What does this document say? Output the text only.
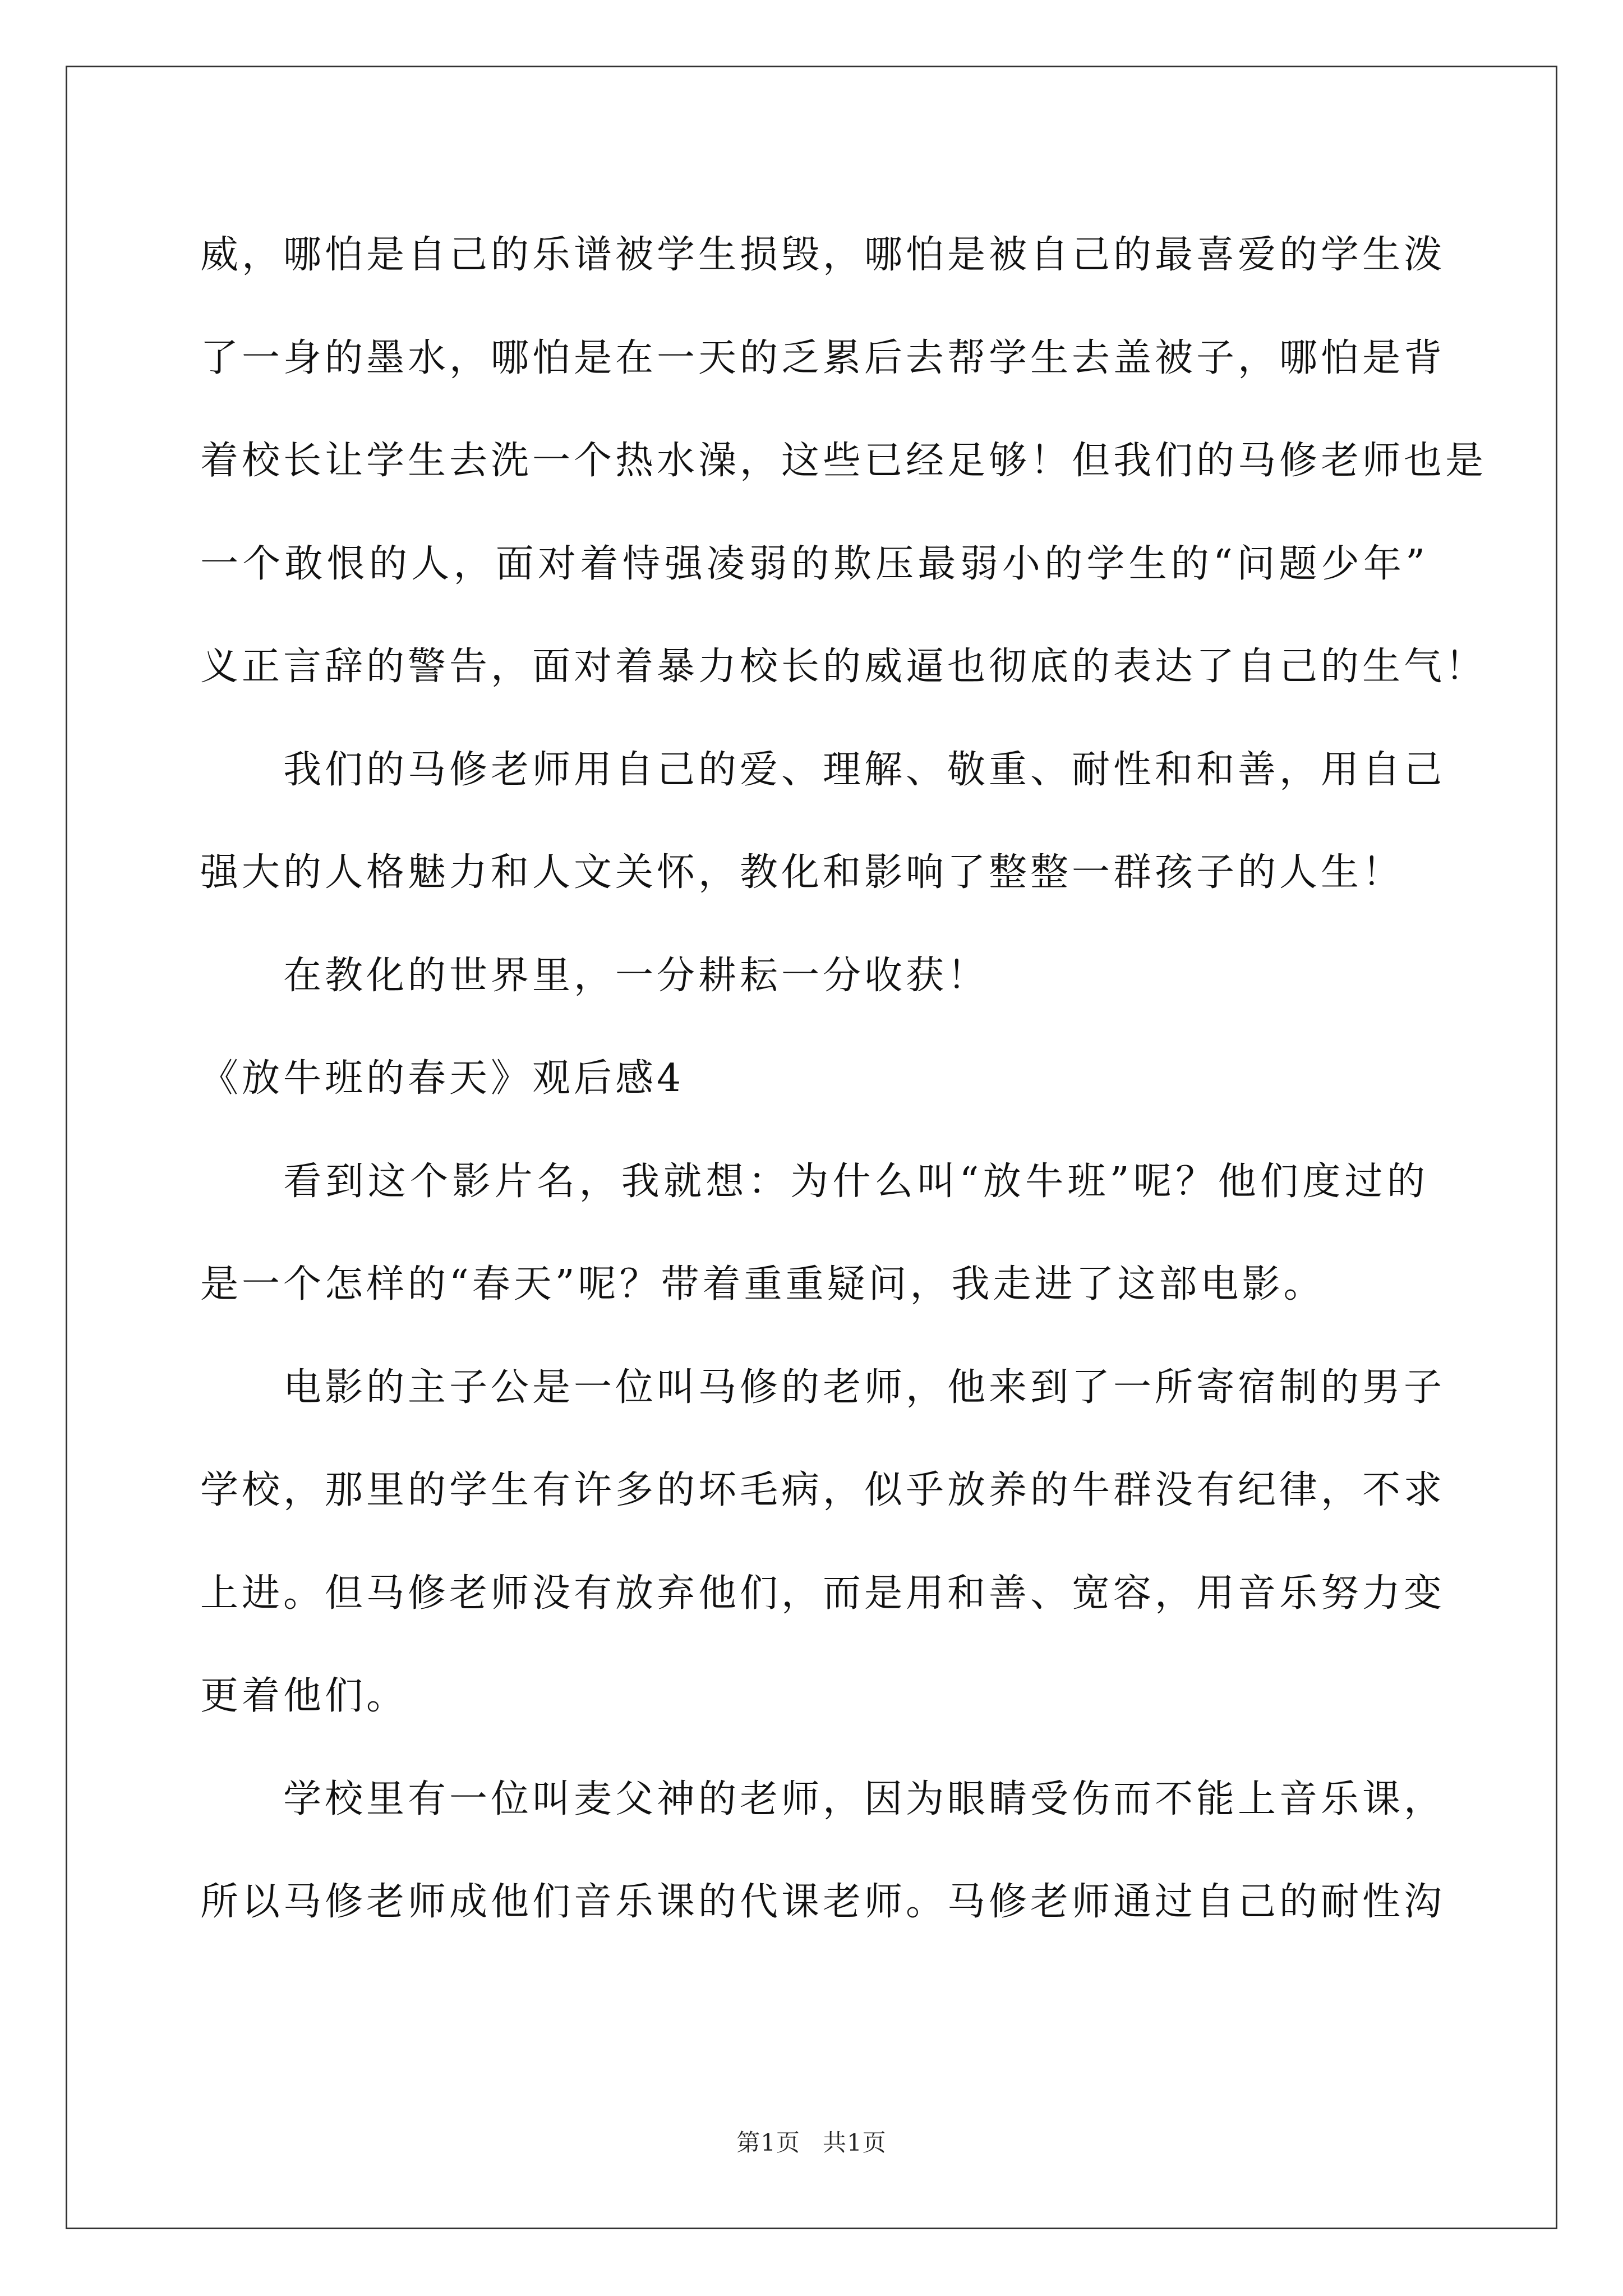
威，哪怕是自己的乐谱被学生损毁，哪怕是被自己的最喜爱的学生泼
了一身的墨水，哪怕是在一天的乏累后去帮学生去盖被子，哪怕是背
着校长让学生去洗一个热水澡，这些已经足够！但我们的马修老师也是
一个敢恨的人，面对着恃强凌弱的欺压最弱小的学生的“问题少年”
义正言辞的警告，面对着暴力校长的威逼也彻底的表达了自己的生气！
我们的马修老师用自己的爱、理解、敬重、耐性和和善，用自己
强大的人格魅力和人文关怀，教化和影响了整整一群孩子的人生！
在教化的世界里，一分耕耘一分收获！
《放牛班的春天》观后感4
看到这个影片名，我就想：为什么叫“放牛班”呢？他们度过的
是一个怎样的“春天”呢？带着重重疑问，我走进了这部电影。
电影的主子公是一位叫马修的老师，他来到了一所寄宿制的男子
学校，那里的学生有许多的坏毛病，似乎放养的牛群没有纪律，不求
上进。但马修老师没有放弃他们，而是用和善、宽容，用音乐努力变
更着他们。
学校里有一位叫麦父神的老师，因为眼睛受伤而不能上音乐课，
所以马修老师成他们音乐课的代课老师。马修老师通过自己的耐性沟
第1页 共1页
